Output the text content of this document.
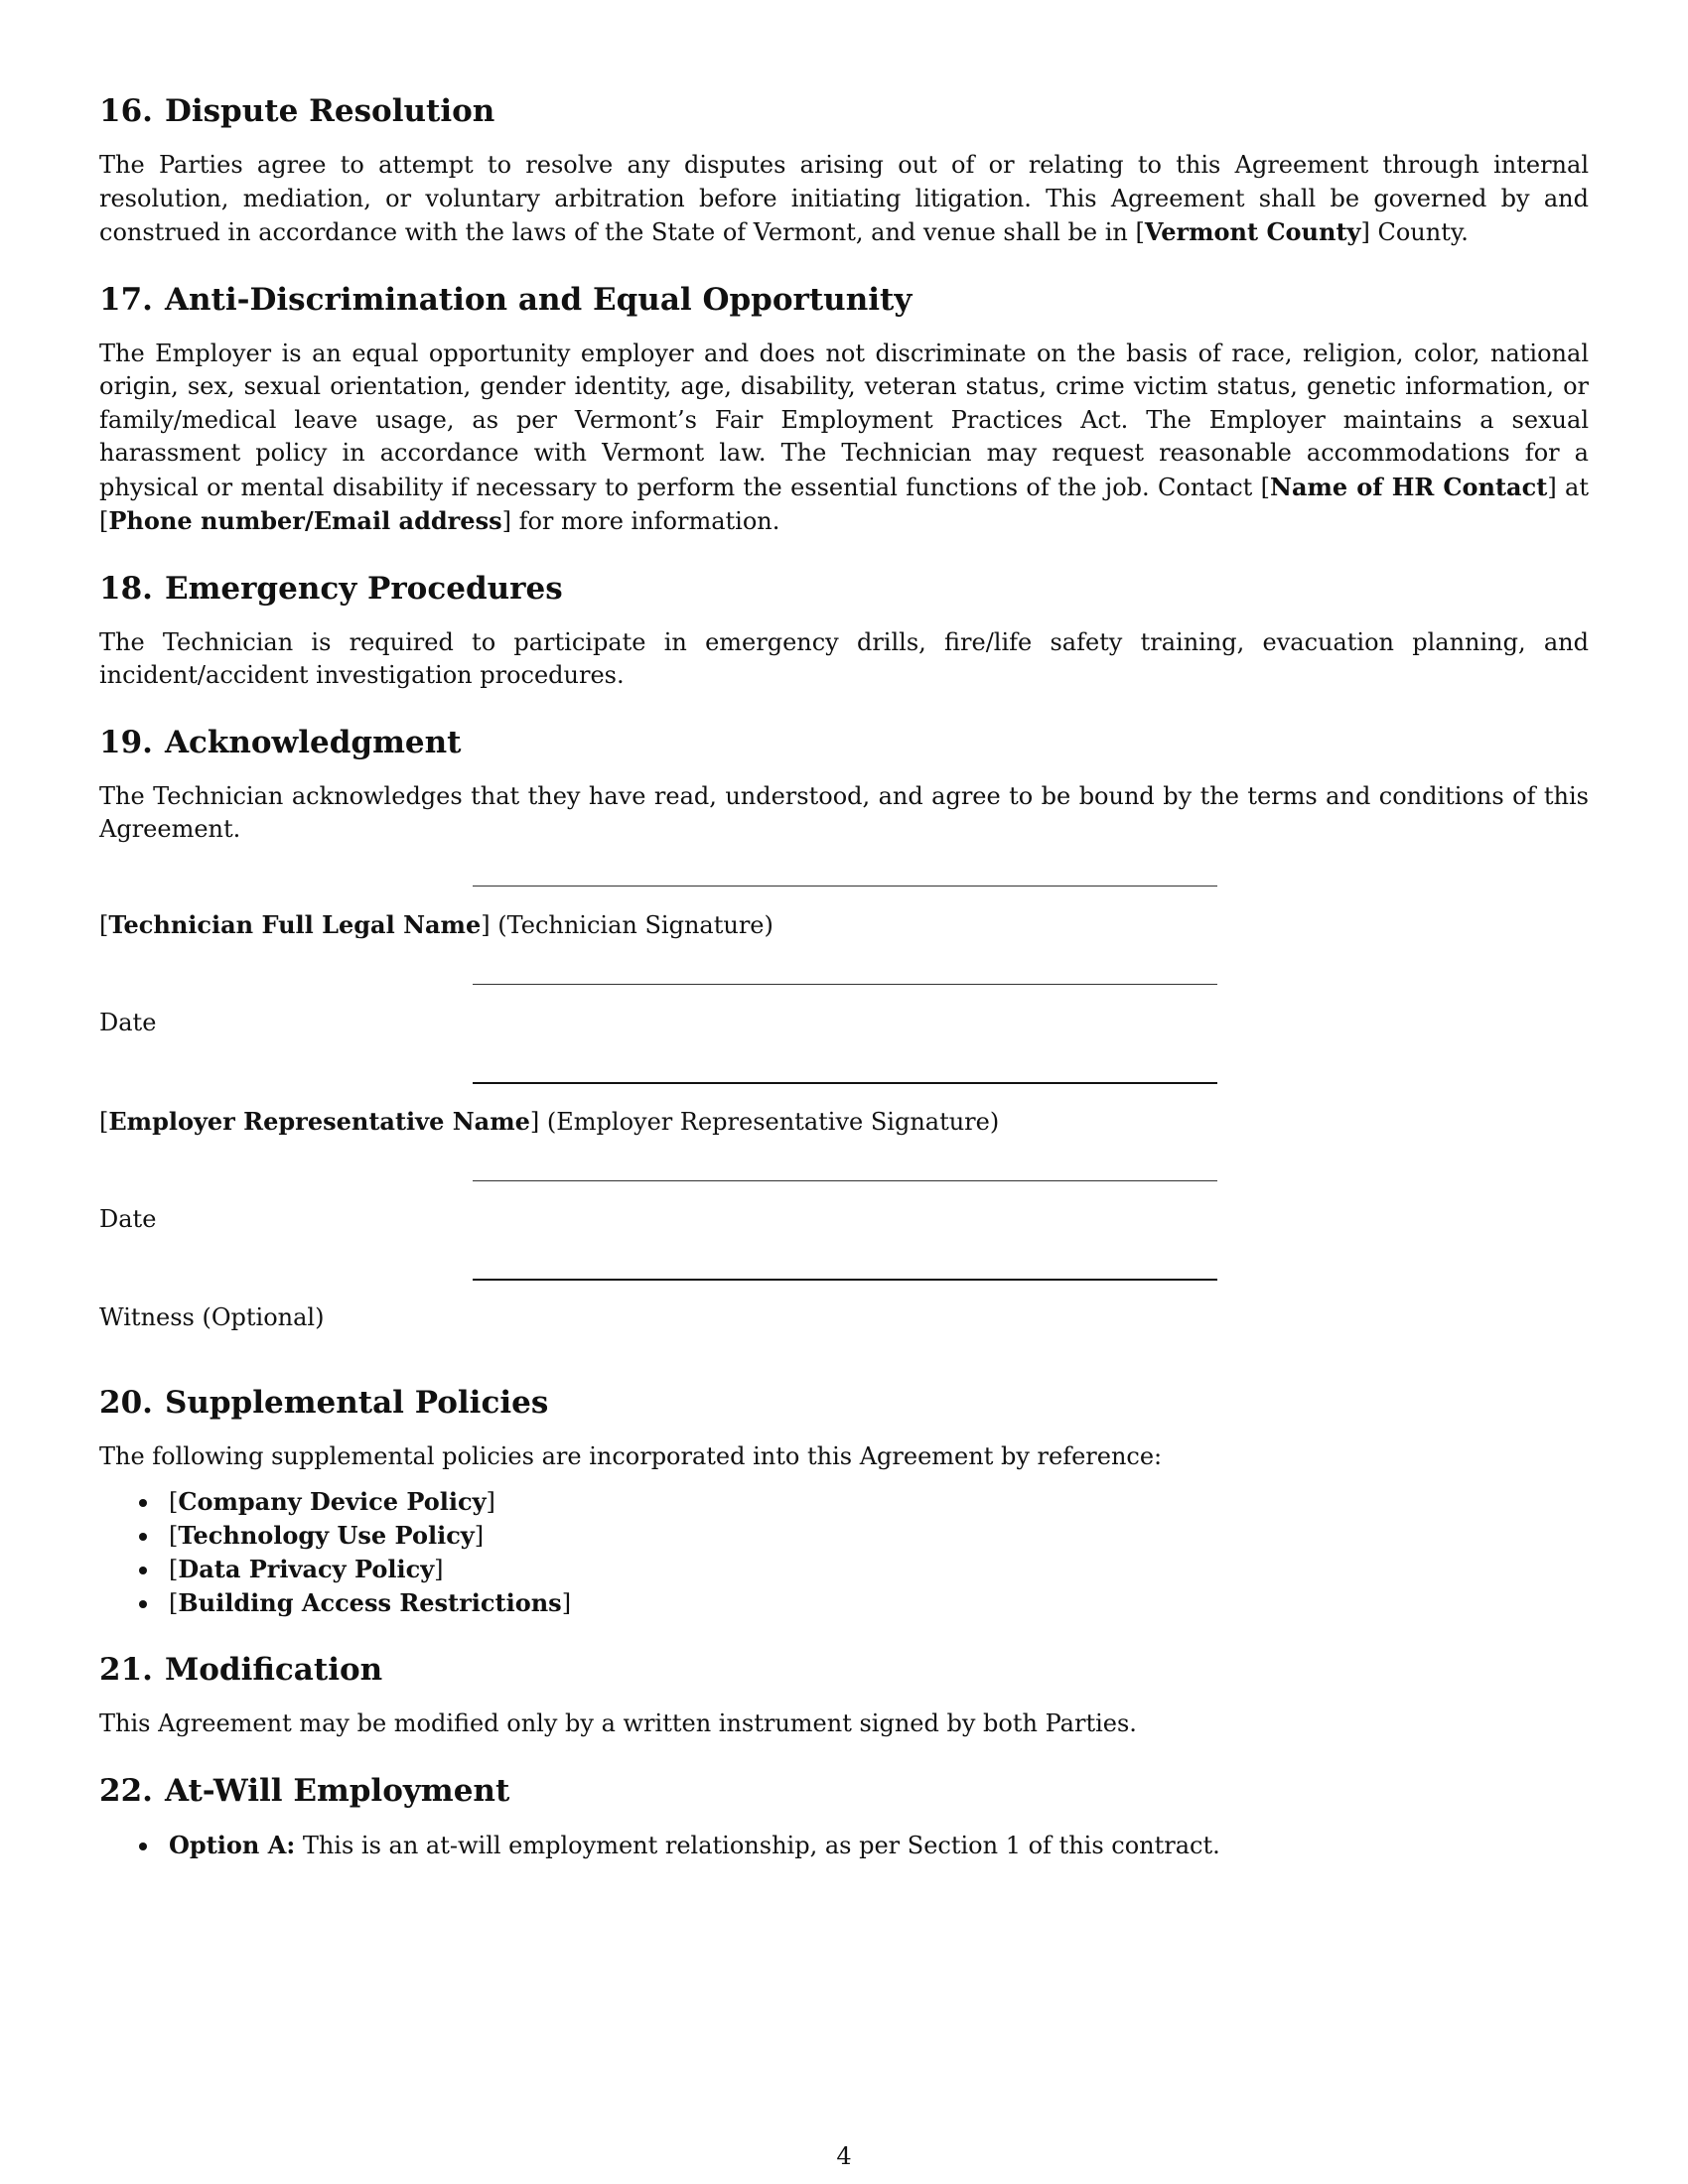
16. Dispute Resolution

The Parties agree to attempt to resolve any disputes arising out of or relating to this Agreement through internal resolution, mediation, or voluntary arbitration before initiating litigation. This Agreement shall be governed by and construed in accordance with the laws of the State of Vermont, and venue shall be in [Vermont County] County.

17. Anti-Discrimination and Equal Opportunity

The Employer is an equal opportunity employer and does not discriminate on the basis of race, religion, color, national origin, sex, sexual orientation, gender identity, age, disability, veteran status, crime victim status, genetic information, or family/medical leave usage, as per Vermont’s Fair Employment Practices Act. The Employer maintains a sexual harassment policy in accordance with Vermont law. The Technician may request reasonable accommodations for a physical or mental disability if necessary to perform the essential functions of the job. Contact [Name of HR Contact] at [Phone number/Email address] for more information.

18. Emergency Procedures

The Technician is required to participate in emergency drills, fire/life safety training, evacuation planning, and incident/accident investigation procedures.

19. Acknowledgment

The Technician acknowledges that they have read, understood, and agree to be bound by the terms and conditions of this Agreement.

[Technician Full Legal Name] (Technician Signature)
Date
[Employer Representative Name] (Employer Representative Signature)
Date
Witness (Optional)
20. Supplemental Policies

The following supplemental policies are incorporated into this Agreement by reference:

[Company Device Policy]
[Technology Use Policy]
[Data Privacy Policy]
[Building Access Restrictions]
21. Modification

This Agreement may be modified only by a written instrument signed by both Parties.

22. At-Will Employment
Option A: This is an at-will employment relationship, as per Section 1 of this contract.
4
